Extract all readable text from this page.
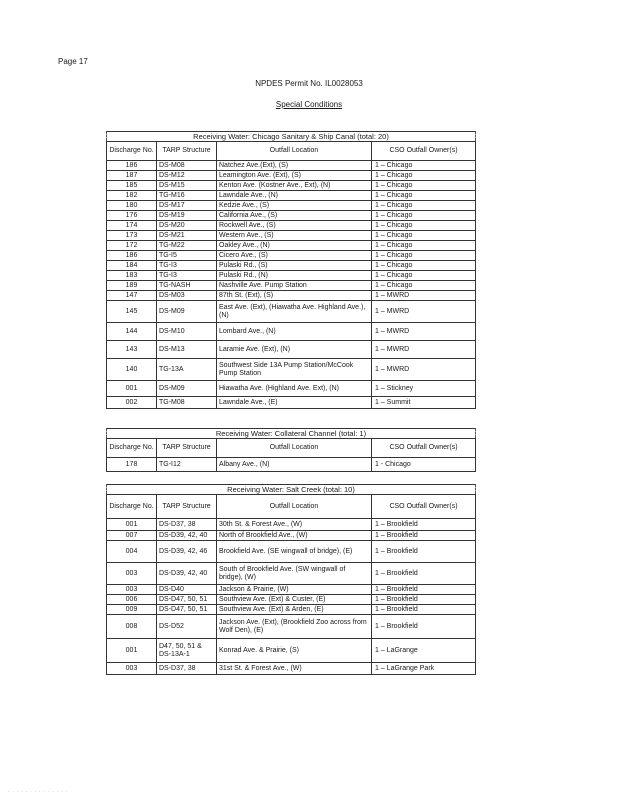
Page 17
NPDES Permit No. IL0028053
Special Conditions
Receiving Water: Chicago Sanitary & Ship Canal (total: 20)
Discharge No.	TARP Structure	Outfall Location	CSO Outfall Owner(s)
186	DS-M08	Natchez Ave.(Ext), (S)	1 – Chicago
187	DS-M12	Leamington Ave. (Ext), (S)	1 – Chicago
185	DS-M15	Kenton Ave. (Kostner Ave., Ext), (N)	1 – Chicago
182	TG-M16	Lawndale Ave., (N)	1 – Chicago
180	DS-M17	Kedzie Ave., (S)	1 – Chicago
176	DS-M19	California Ave., (S)	1 – Chicago
174	DS-M20	Rockwell Ave., (S)	1 – Chicago
173	DS-M21	Western Ave., (S)	1 – Chicago
172	TG-M22	Oakley Ave., (N)	1 – Chicago
186	TG-I5	Cicero Ave., (S)	1 – Chicago
184	TG-I3	Pulaski Rd., (S)	1 – Chicago
183	TG-I3	Pulaski Rd., (N)	1 – Chicago
189	TG-NASH	Nashville Ave. Pump Station	1 – Chicago
147	DS-M03	87th St. (Ext), (S)	1 – MWRD
145	DS-M09	East Ave. (Ext), (Hiawatha Ave. Highland Ave.), (N)	1 – MWRD
144	DS-M10	Lombard Ave., (N)	1 – MWRD
143	DS-M13	Laramie Ave. (Ext), (N)	1 – MWRD
140	TG-13A	Southwest Side 13A Pump Station/McCook Pump Station	1 – MWRD
001	DS-M09	Hiawatha Ave. (Highland Ave. Ext), (N)	1 – Stickney
002	TG-M08	Lawndale Ave., (E)	1 – Summit
Receiving Water: Collateral Channel (total: 1)
Discharge No.	TARP Structure	Outfall Location	CSO Outfall Owner(s)
178	TG-I12	Albany Ave., (N)	1 - Chicago
Receiving Water: Salt Creek (total: 10)
Discharge No.	TARP Structure	Outfall Location	CSO Outfall Owner(s)
001	DS-D37, 38	30th St. & Forest Ave., (W)	1 – Brookfield
007	DS-D39, 42, 40	North of Brookfield Ave., (W)	1 – Brookfield
004	DS-D39, 42, 46	Brookfield Ave. (SE wingwall of bridge), (E)	1 – Brookfield
003	DS-D39, 42, 40	South of Brookfield Ave. (SW wingwall of bridge), (W)	1 – Brookfield
003	DS-D40	Jackson & Prairie, (W)	1 – Brookfield
006	DS-D47, 50, 51	Southview Ave. (Ext) & Custer, (E)	1 – Brookfield
009	DS-D47, 50, 51	Southview Ave. (Ext) & Arden, (E)	1 – Brookfield
008	DS-D52	Jackson Ave. (Ext), (Brookfield Zoo across from Wolf Den), (E)	1 – Brookfield
001	D47, 50, 51 & DS-13A-1	Konrad Ave. & Prairie, (S)	1 – LaGrange
003	DS-D37, 38	31st St. & Forest Ave., (W)	1 – LaGrange Park
· · · · · · · · · · · · · ·
